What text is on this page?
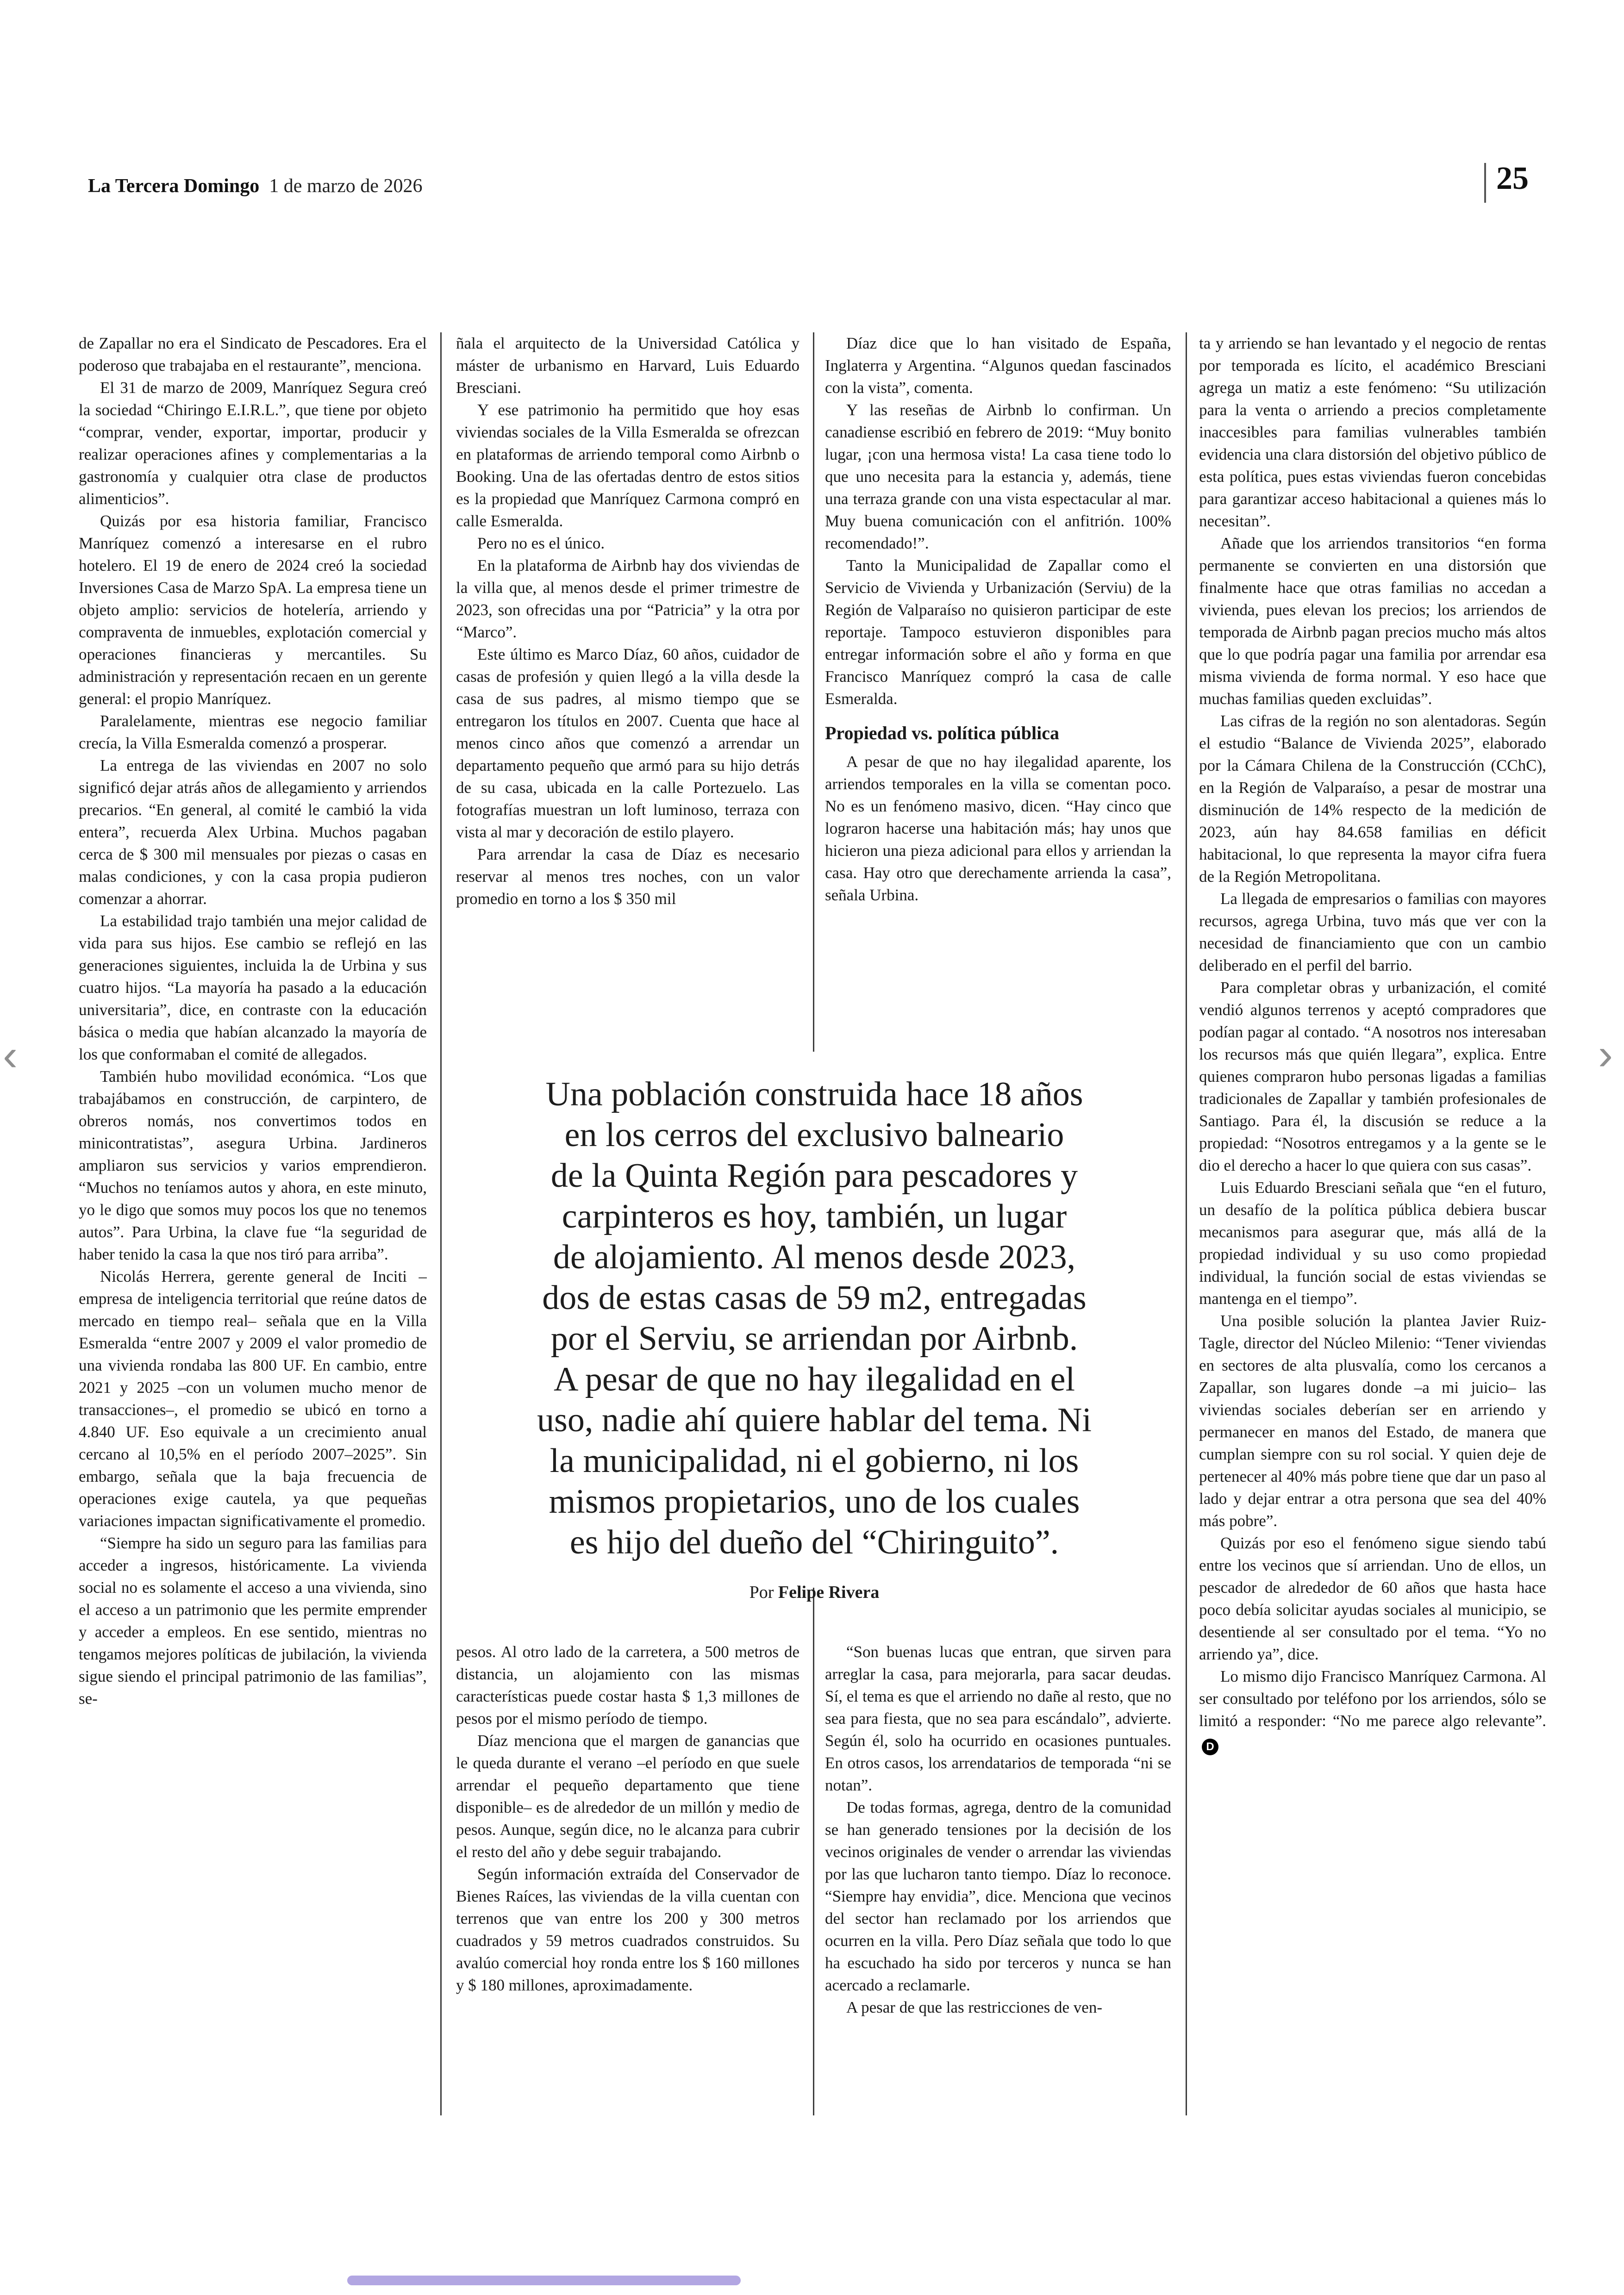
La Tercera Domingo 1 de marzo de 2026	25

de Zapallar no era el Sindicato de Pescadores. Era el poderoso que trabajaba en el restaurante”, menciona.

El 31 de marzo de 2009, Manríquez Segura creó la sociedad “Chiringo E.I.R.L.”, que tiene por objeto “comprar, vender, exportar, importar, producir y realizar operaciones afines y complementarias a la gastronomía y cualquier otra clase de productos alimenticios”.

Quizás por esa historia familiar, Francisco Manríquez comenzó a interesarse en el rubro hotelero. El 19 de enero de 2024 creó la sociedad Inversiones Casa de Marzo SpA. La empresa tiene un objeto amplio: servicios de hotelería, arriendo y compraventa de inmuebles, explotación comercial y operaciones financieras y mercantiles. Su administración y representación recaen en un gerente general: el propio Manríquez.

Paralelamente, mientras ese negocio familiar crecía, la Villa Esmeralda comenzó a prosperar.

La entrega de las viviendas en 2007 no solo significó dejar atrás años de allegamiento y arriendos precarios. “En general, al comité le cambió la vida entera”, recuerda Alex Urbina. Muchos pagaban cerca de $ 300 mil mensuales por piezas o casas en malas condiciones, y con la casa propia pudieron comenzar a ahorrar.

La estabilidad trajo también una mejor calidad de vida para sus hijos. Ese cambio se reflejó en las generaciones siguientes, incluida la de Urbina y sus cuatro hijos. “La mayoría ha pasado a la educación universitaria”, dice, en contraste con la educación básica o media que habían alcanzado la mayoría de los que conformaban el comité de allegados.

También hubo movilidad económica. “Los que trabajábamos en construcción, de carpintero, de obreros nomás, nos convertimos todos en minicontratistas”, asegura Urbina. Jardineros ampliaron sus servicios y varios emprendieron. “Muchos no teníamos autos y ahora, en este minuto, yo le digo que somos muy pocos los que no tenemos autos”. Para Urbina, la clave fue “la seguridad de haber tenido la casa la que nos tiró para arriba”.

Nicolás Herrera, gerente general de Inciti –empresa de inteligencia territorial que reúne datos de mercado en tiempo real– señala que en la Villa Esmeralda “entre 2007 y 2009 el valor promedio de una vivienda rondaba las 800 UF. En cambio, entre 2021 y 2025 –con un volumen mucho menor de transacciones–, el promedio se ubicó en torno a 4.840 UF. Eso equivale a un crecimiento anual cercano al 10,5% en el período 2007–2025”. Sin embargo, señala que la baja frecuencia de operaciones exige cautela, ya que pequeñas variaciones impactan significativamente el promedio.

“Siempre ha sido un seguro para las familias para acceder a ingresos, históricamente. La vivienda social no es solamente el acceso a una vivienda, sino el acceso a un patrimonio que les permite emprender y acceder a empleos. En ese sentido, mientras no tengamos mejores políticas de jubilación, la vivienda sigue siendo el principal patrimonio de las familias”, se-

ñala el arquitecto de la Universidad Católica y máster de urbanismo en Harvard, Luis Eduardo Bresciani.

Y ese patrimonio ha permitido que hoy esas viviendas sociales de la Villa Esmeralda se ofrezcan en plataformas de arriendo temporal como Airbnb o Booking. Una de las ofertadas dentro de estos sitios es la propiedad que Manríquez Carmona compró en calle Esmeralda.

Pero no es el único.

En la plataforma de Airbnb hay dos viviendas de la villa que, al menos desde el primer trimestre de 2023, son ofrecidas una por “Patricia” y la otra por “Marco”.

Este último es Marco Díaz, 60 años, cuidador de casas de profesión y quien llegó a la villa desde la casa de sus padres, al mismo tiempo que se entregaron los títulos en 2007. Cuenta que hace al menos cinco años que comenzó a arrendar un departamento pequeño que armó para su hijo detrás de su casa, ubicada en la calle Portezuelo. Las fotografías muestran un loft luminoso, terraza con vista al mar y decoración de estilo playero.

Para arrendar la casa de Díaz es necesario reservar al menos tres noches, con un valor promedio en torno a los $ 350 mil

pesos. Al otro lado de la carretera, a 500 metros de distancia, un alojamiento con las mismas características puede costar hasta $ 1,3 millones de pesos por el mismo período de tiempo.

Díaz menciona que el margen de ganancias que le queda durante el verano –el período en que suele arrendar el pequeño departamento que tiene disponible– es de alrededor de un millón y medio de pesos. Aunque, según dice, no le alcanza para cubrir el resto del año y debe seguir trabajando.

Según información extraída del Conservador de Bienes Raíces, las viviendas de la villa cuentan con terrenos que van entre los 200 y 300 metros cuadrados y 59 metros cuadrados construidos. Su avalúo comercial hoy ronda entre los $ 160 millones y $ 180 millones, aproximadamente.

Díaz dice que lo han visitado de España, Inglaterra y Argentina. “Algunos quedan fascinados con la vista”, comenta.

Y las reseñas de Airbnb lo confirman. Un canadiense escribió en febrero de 2019: “Muy bonito lugar, ¡con una hermosa vista! La casa tiene todo lo que uno necesita para la estancia y, además, tiene una terraza grande con una vista espectacular al mar. Muy buena comunicación con el anfitrión. 100% recomendado!”.

Tanto la Municipalidad de Zapallar como el Servicio de Vivienda y Urbanización (Serviu) de la Región de Valparaíso no quisieron participar de este reportaje. Tampoco estuvieron disponibles para entregar información sobre el año y forma en que Francisco Manríquez compró la casa de calle Esmeralda.

Propiedad vs. política pública

A pesar de que no hay ilegalidad aparente, los arriendos temporales en la villa se comentan poco. No es un fenómeno masivo, dicen. “Hay cinco que lograron hacerse una habitación más; hay unos que hicieron una pieza adicional para ellos y arriendan la casa. Hay otro que derechamente arrienda la casa”, señala Urbina.

“Son buenas lucas que entran, que sirven para arreglar la casa, para mejorarla, para sacar deudas. Sí, el tema es que el arriendo no dañe al resto, que no sea para fiesta, que no sea para escándalo”, advierte. Según él, solo ha ocurrido en ocasiones puntuales. En otros casos, los arrendatarios de temporada “ni se notan”.

De todas formas, agrega, dentro de la comunidad se han generado tensiones por la decisión de los vecinos originales de vender o arrendar las viviendas por las que lucharon tanto tiempo. Díaz lo reconoce. “Siempre hay envidia”, dice. Menciona que vecinos del sector han reclamado por los arriendos que ocurren en la villa. Pero Díaz señala que todo lo que ha escuchado ha sido por terceros y nunca se han acercado a reclamarle.

A pesar de que las restricciones de ven-

ta y arriendo se han levantado y el negocio de rentas por temporada es lícito, el académico Bresciani agrega un matiz a este fenómeno: “Su utilización para la venta o arriendo a precios completamente inaccesibles para familias vulnerables también evidencia una clara distorsión del objetivo público de esta política, pues estas viviendas fueron concebidas para garantizar acceso habitacional a quienes más lo necesitan”.

Añade que los arriendos transitorios “en forma permanente se convierten en una distorsión que finalmente hace que otras familias no accedan a vivienda, pues elevan los precios; los arriendos de temporada de Airbnb pagan precios mucho más altos que lo que podría pagar una familia por arrendar esa misma vivienda de forma normal. Y eso hace que muchas familias queden excluidas”.

Las cifras de la región no son alentadoras. Según el estudio “Balance de Vivienda 2025”, elaborado por la Cámara Chilena de la Construcción (CChC), en la Región de Valparaíso, a pesar de mostrar una disminución de 14% respecto de la medición de 2023, aún hay 84.658 familias en déficit habitacional, lo que representa la mayor cifra fuera de la Región Metropolitana.

La llegada de empresarios o familias con mayores recursos, agrega Urbina, tuvo más que ver con la necesidad de financiamiento que con un cambio deliberado en el perfil del barrio.

Para completar obras y urbanización, el comité vendió algunos terrenos y aceptó compradores que podían pagar al contado. “A nosotros nos interesaban los recursos más que quién llegara”, explica. Entre quienes compraron hubo personas ligadas a familias tradicionales de Zapallar y también profesionales de Santiago. Para él, la discusión se reduce a la propiedad: “Nosotros entregamos y a la gente se le dio el derecho a hacer lo que quiera con sus casas”.

Luis Eduardo Bresciani señala que “en el futuro, un desafío de la política pública debiera buscar mecanismos para asegurar que, más allá de la propiedad individual y su uso como propiedad individual, la función social de estas viviendas se mantenga en el tiempo”.

Una posible solución la plantea Javier Ruiz-Tagle, director del Núcleo Milenio: “Tener viviendas en sectores de alta plusvalía, como los cercanos a Zapallar, son lugares donde –a mi juicio– las viviendas sociales deberían ser en arriendo y permanecer en manos del Estado, de manera que cumplan siempre con su rol social. Y quien deje de pertenecer al 40% más pobre tiene que dar un paso al lado y dejar entrar a otra persona que sea del 40% más pobre”.

Quizás por eso el fenómeno sigue siendo tabú entre los vecinos que sí arriendan. Uno de ellos, un pescador de alrededor de 60 años que hasta hace poco debía solicitar ayudas sociales al municipio, se desentiende al ser consultado por el tema. “Yo no arriendo ya”, dice.

Lo mismo dijo Francisco Manríquez Carmona. Al ser consultado por teléfono por los arriendos, sólo se limitó a responder: “No me parece algo relevante”.D

Una población construida hace 18 años
en los cerros del exclusivo balneario
de la Quinta Región para pescadores y
carpinteros es hoy, también, un lugar
de alojamiento. Al menos desde 2023,
dos de estas casas de 59 m2, entregadas
por el Serviu, se arriendan por Airbnb.
A pesar de que no hay ilegalidad en el
uso, nadie ahí quiere hablar del tema. Ni
la municipalidad, ni el gobierno, ni los
mismos propietarios, uno de los cuales
es hijo del dueño del “Chiringuito”.
Por Felipe Rivera
‹	›
